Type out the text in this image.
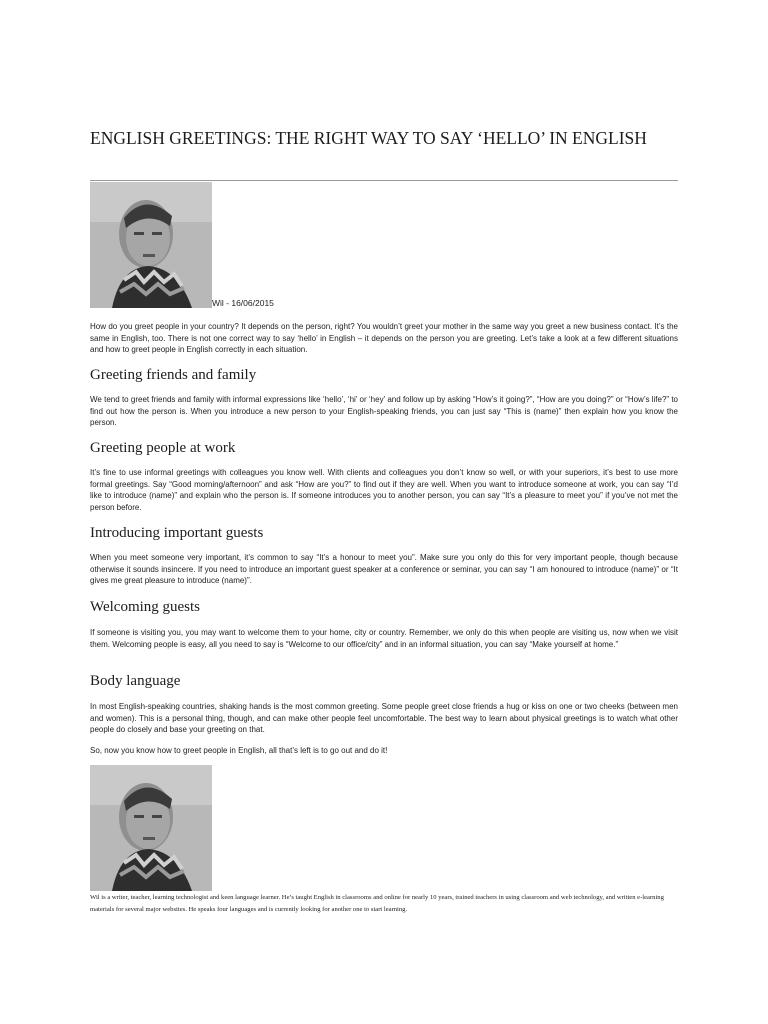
ENGLISH GREETINGS: THE RIGHT WAY TO SAY ‘HELLO’ IN ENGLISH
Wil - 16/06/2015

How do you greet people in your country? It depends on the person, right? You wouldn’t greet your mother in the same way you greet a new business contact. It’s the same in English, too. There is not one correct way to say ‘hello’ in English – it depends on the person you are greeting. Let’s take a look at a few different situations and how to greet people in English correctly in each situation.

Greeting friends and family

We tend to greet friends and family with informal expressions like ‘hello’, ‘hi’ or ‘hey’ and follow up by asking “How’s it going?”, “How are you doing?” or “How’s life?” to find out how the person is. When you introduce a new person to your English-speaking friends, you can just say “This is (name)” then explain how you know the person.

Greeting people at work

It’s fine to use informal greetings with colleagues you know well. With clients and colleagues you don’t know so well, or with your superiors, it’s best to use more formal greetings. Say “Good morning/afternoon” and ask “How are you?” to find out if they are well. When you want to introduce someone at work, you can say “I’d like to introduce (name)” and explain who the person is. If someone introduces you to another person, you can say “It’s a pleasure to meet you” if you’ve not met the person before.

Introducing important guests

When you meet someone very important, it’s common to say “It’s a honour to meet you”. Make sure you only do this for very important people, though because otherwise it sounds insincere. If you need to introduce an important guest speaker at a conference or seminar, you can say “I am honoured to introduce (name)” or “It gives me great pleasure to introduce (name)”.

Welcoming guests

If someone is visiting you, you may want to welcome them to your home, city or country. Remember, we only do this when people are visiting us, now when we visit them. Welcoming people is easy, all you need to say is “Welcome to our office/city” and in an informal situation, you can say “Make yourself at home.”

Body language

In most English-speaking countries, shaking hands is the most common greeting. Some people greet close friends a hug or kiss on one or two cheeks (between men and women). This is a personal thing, though, and can make other people feel uncomfortable. The best way to learn about physical greetings is to watch what other people do closely and base your greeting on that.

So, now you know how to greet people in English, all that’s left is to go out and do it!

Wil is a writer, teacher, learning technologist and keen language learner. He’s taught English in classrooms and online for nearly 10 years, trained teachers in using classroom and web technology, and written e-learning materials for several major websites. He speaks four languages and is currently looking for another one to start learning.
